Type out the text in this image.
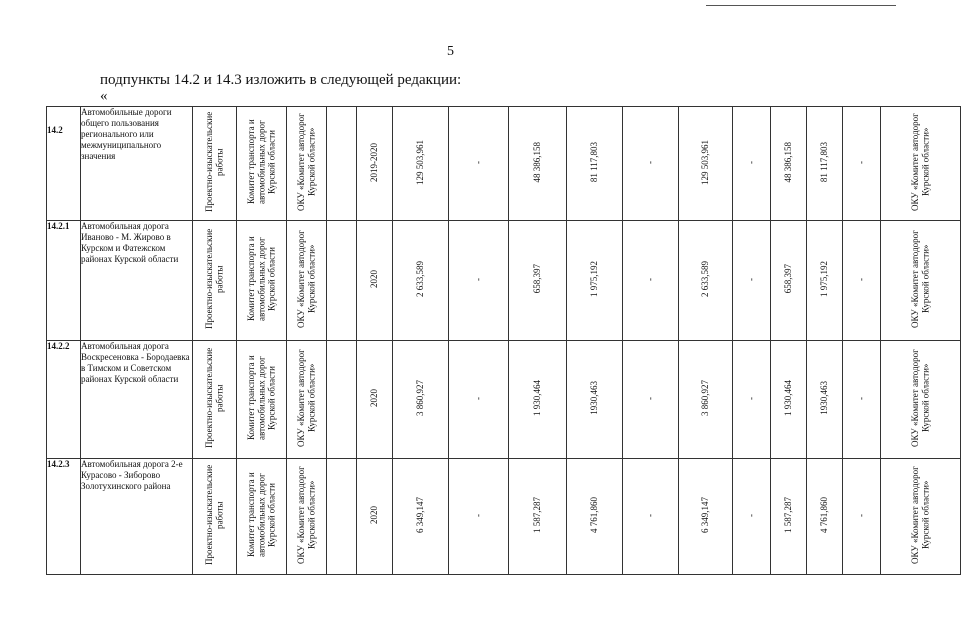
5
подпункты 14.2 и 14.3 изложить в следующей редакции:
«
14.2	Автомобильные дороги общего пользования регионального или межмуниципального значения	Проектно-изыскательские работы	Комитет транспорта и автомобильных дорог Курской области	ОКУ «Комитет автодорог Курской области»		2019-2020	129 503,961	-	48 386,158	81 117,803	-	129 503,961	-	48 386,158	81 117,803	-	ОКУ «Комитет автодорог Курской области»

14.2.1	Автомобильная дорога Иваново - М. Жирово в Курском и Фатежском районах Курской области	Проектно-изыскательские работы	Комитет транспорта и автомобильных дорог Курской области	ОКУ «Комитет автодорог Курской области»		2020	2 633,589	-	658,397	1 975,192	-	2 633,589	-	658,397	1 975,192	-	ОКУ «Комитет автодорог Курской области»

14.2.2	Автомобильная дорога Воскресеновка - Бородаевка в Тимском и Советском районах Курской области	Проектно-изыскательские работы	Комитет транспорта и автомобильных дорог Курской области	ОКУ «Комитет автодорог Курской области»		2020	3 860,927	-	1 930,464	1930,463	-	3 860,927	-	1 930,464	1930,463	-	ОКУ «Комитет автодорог Курской области»

14.2.3	Автомобильная дорога 2-е Курасово - Зиборово Золотухинского района	Проектно-изыскательские работы	Комитет транспорта и автомобильных дорог Курской области	ОКУ «Комитет автодорог Курской области»		2020	6 349,147	-	1 587,287	4 761,860	-	6 349,147	-	1 587,287	4 761,860	-	ОКУ «Комитет автодорог Курской области»
